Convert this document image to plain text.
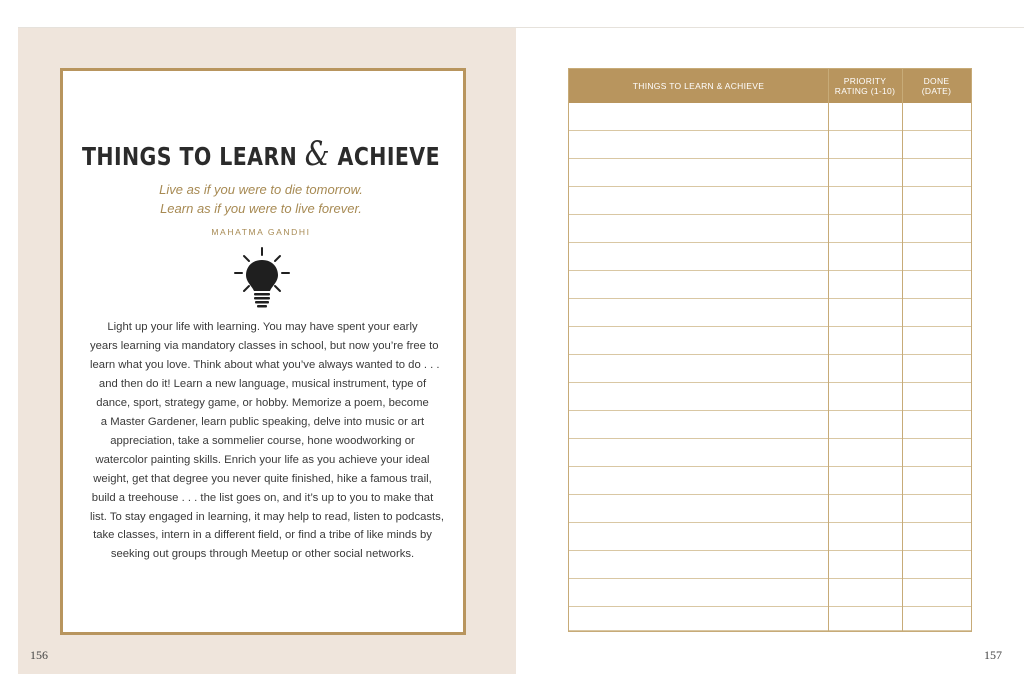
THINGS TO LEARN & ACHIEVE
Live as if you were to die tomorrow.
Learn as if you were to live forever.
MAHATMA GANDHI
Light up your life with learning. You may have spent your early
years learning via mandatory classes in school, but now you’re free to
learn what you love. Think about what you’ve always wanted to do . . .
and then do it! Learn a new language, musical instrument, type of
dance, sport, strategy game, or hobby. Memorize a poem, become
a Master Gardener, learn public speaking, delve into music or art
appreciation, take a sommelier course, hone woodworking or
watercolor painting skills. Enrich your life as you achieve your ideal
weight, get that degree you never quite finished, hike a famous trail,
build a treehouse . . . the list goes on, and it’s up to you to make that
list. To stay engaged in learning, it may help to read, listen to podcasts,
take classes, intern in a different field, or find a tribe of like minds by
seeking out groups through Meetup or other social networks.
156
THINGS TO LEARN & ACHIEVE	PRIORITY
RATING (1-10)
DONE
(DATE)
157
